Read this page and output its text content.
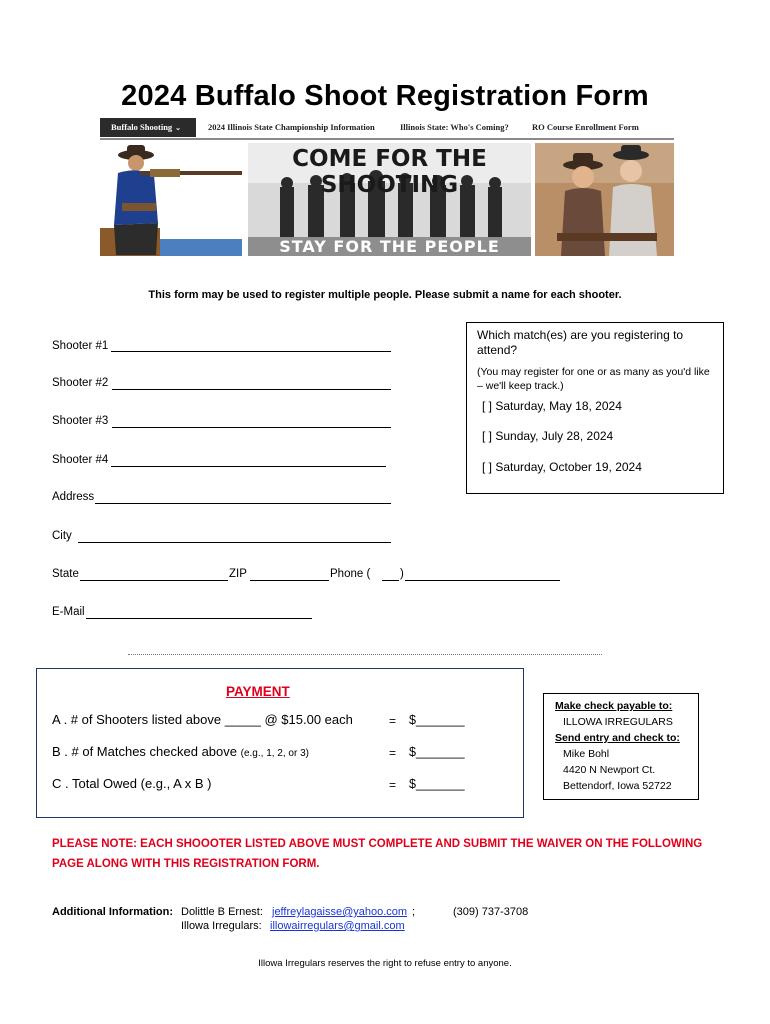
2024 Buffalo Shoot Registration Form
Buffalo Shooting ⌄	2024 Illinois State Championship Information	Illinois State: Who's Coming?	RO Course Enrollment Form
COME FOR THE SHOOTING
STAY FOR THE PEOPLE
This form may be used to register multiple people. Please submit a name for each shooter.
Shooter #1
Shooter #2
Shooter #3
Shooter #4
Address
City
State	ZIP	Phone (	)
E-Mail
Which match(es) are you registering to attend?
(You may register for one or as many as you'd like – we'll keep track.)
[ ] Saturday, May 18, 2024
[ ] Sunday, July 28, 2024
[ ] Saturday, October 19, 2024
PAYMENT
A . # of Shooters listed above _____ @ $15.00 each	= $_______
B . # of Matches checked above (e.g., 1, 2, or 3)	= $_______
C . Total Owed (e.g., A x B )	= $_______
Make check payable to:
ILLOWA IRREGULARS
Send entry and check to:
Mike Bohl
4420 N Newport Ct.
Bettendorf, Iowa 52722
PLEASE NOTE: EACH SHOOOTER LISTED ABOVE MUST COMPLETE AND SUBMIT THE WAIVER ON THE FOLLOWING PAGE ALONG WITH THIS REGISTRATION FORM.
Additional Information: Dolittle B Ernest: jeffreylagaisse@yahoo.com ;	(309) 737-3708
Illowa Irregulars: illowairregulars@gmail.com
Illowa Irregulars reserves the right to refuse entry to anyone.
